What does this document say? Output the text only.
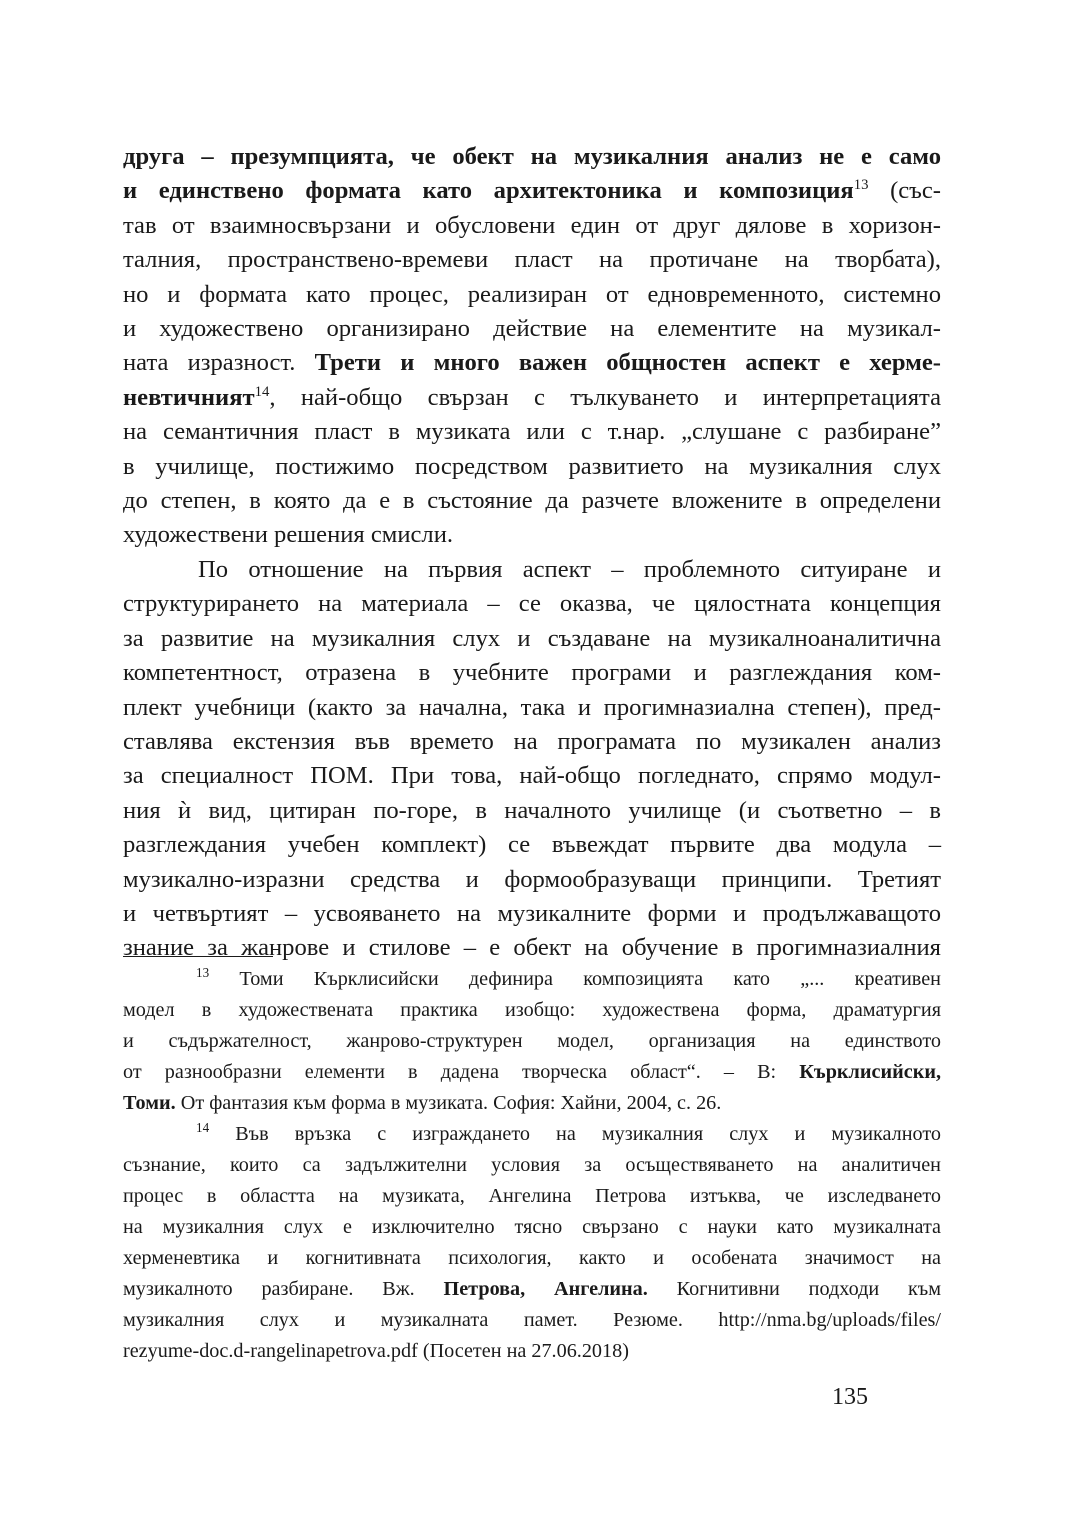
друга – презумпцията, че обект на музикалния анализ не е само

и единствено формата като архитектоника и композиция$^{13}$ (със-

тав от взаимносвързани и обусловени един от друг дялове в хоризон-

талния, пространствено-времеви пласт на протичане на творбата),

но и формата като процес, реализиран от едновременното, системно

и художествено организирано действие на елементите на музикал-

ната изразност. Трети и много важен общностен аспект е херме-

невтичният$^{14}$, най-общо свързан с тълкуването и интерпретацията

на семантичния пласт в музиката или с т.нар. „слушане с разбиране”

в училище, постижимо посредством развитието на музикалния слух

до степен, в която да е в състояние да разчете вложените в определени

художествени решения смисли.

По отношение на първия аспект – проблемното ситуиране и

структурирането на материала – се оказва, че цялостната концепция

за развитие на музикалния слух и създаване на музикалноаналитична

компетентност, отразена в учебните програми и разглеждания ком-

плект учебници (както за начална, така и прогимназиална степен), пред-

ставлява екстензия във времето на програмата по музикален анализ

за специалност ПОМ. При това, най-общо погледнато, спрямо модул-

ния ѝ вид, цитиран по-горе, в началното училище (и съответно – в

разглеждания учебен комплект) се въвеждат първите два модула –

музикално-изразни средства и формообразуващи принципи. Третият

и четвъртият – усвояването на музикалните форми и продължаващото

знание за жанрове и стилове – е обект на обучение в прогимназиалния

$^{13}$ Томи Кърклисийски дефинира композицията като „... креативен

модел в художествената практика изобщо: художествена форма, драматургия

и съдържателност, жанрово-структурен модел, организация на единството

от разнообразни елементи в дадена творческа област“. – В: Кърклисийски,

Томи. От фантазия към форма в музиката. София: Хайни, 2004, с. 26.

$^{14}$ Във връзка с изграждането на музикалния слух и музикалното

съзнание, които са задължителни условия за осъществяването на аналитичен

процес в областта на музиката, Ангелина Петрова изтъква, че изследването

на музикалния слух е изключително тясно свързано с науки като музикалната

херменевтика и когнитивната психология, както и особената значимост на

музикалното разбиране. Вж. Петрова, Ангелина. Когнитивни подходи към

музикалния слух и музикалната памет. Резюме. http://nma.bg/uploads/files/

rezyume-doc.d-rangelinapetrova.pdf (Посетен на 27.06.2018)

135
